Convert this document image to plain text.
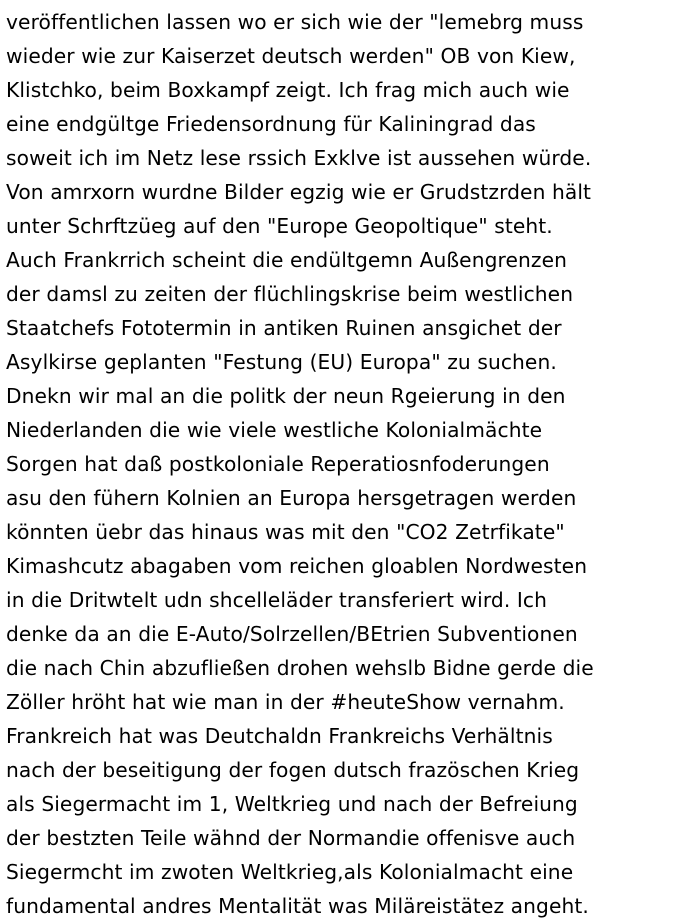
veröffentlichen lassen wo er sich wie der "lemebrg muss
wieder wie zur Kaiserzet deutsch werden" OB von Kiew,
Klistchko, beim Boxkampf zeigt. Ich frag mich auch wie
eine endgültge Friedensordnung für Kaliningrad das
soweit ich im Netz lese rssich Exklve ist aussehen würde.
Von amrxorn wurdne Bilder egzig wie er Grudstzrden hält
unter Schrftzüeg auf den "Europe Geopoltique" steht.
Auch Frankrrich scheint die endültgemn Außengrenzen
der damsl zu zeiten der flüchlingskrise beim westlichen
Staatchefs Fototermin in antiken Ruinen ansgichet der
Asylkirse geplanten "Festung (EU) Europa" zu suchen.
Dnekn wir mal an die politk der neun Rgeierung in den
Niederlanden die wie viele westliche Kolonialmächte
Sorgen hat daß postkoloniale Reperatiosnfoderungen
asu den fühern Kolnien an Europa hersgetragen werden
könnten üebr das hinaus was mit den "CO2 Zetrfikate"
Kimashcutz abagaben vom reichen gloablen Nordwesten
in die Dritwtelt udn shcelleläder transferiert wird. Ich
denke da an die E-Auto/Solrzellen/BEtrien Subventionen
die nach Chin abzufließen drohen wehslb Bidne gerde die
Zöller hröht hat wie man in der #heuteShow vernahm.
Frankreich hat was Deutchaldn Frankreichs Verhältnis
nach der beseitigung der fogen dutsch frazöschen Krieg
als Siegermacht im 1, Weltkrieg und nach der Befreiung
der bestzten Teile wähnd der Normandie offenisve auch
Siegermcht im zwoten Weltkrieg,als Kolonialmacht eine
fundamental andres Mentalität was Miläreistätez angeht.
